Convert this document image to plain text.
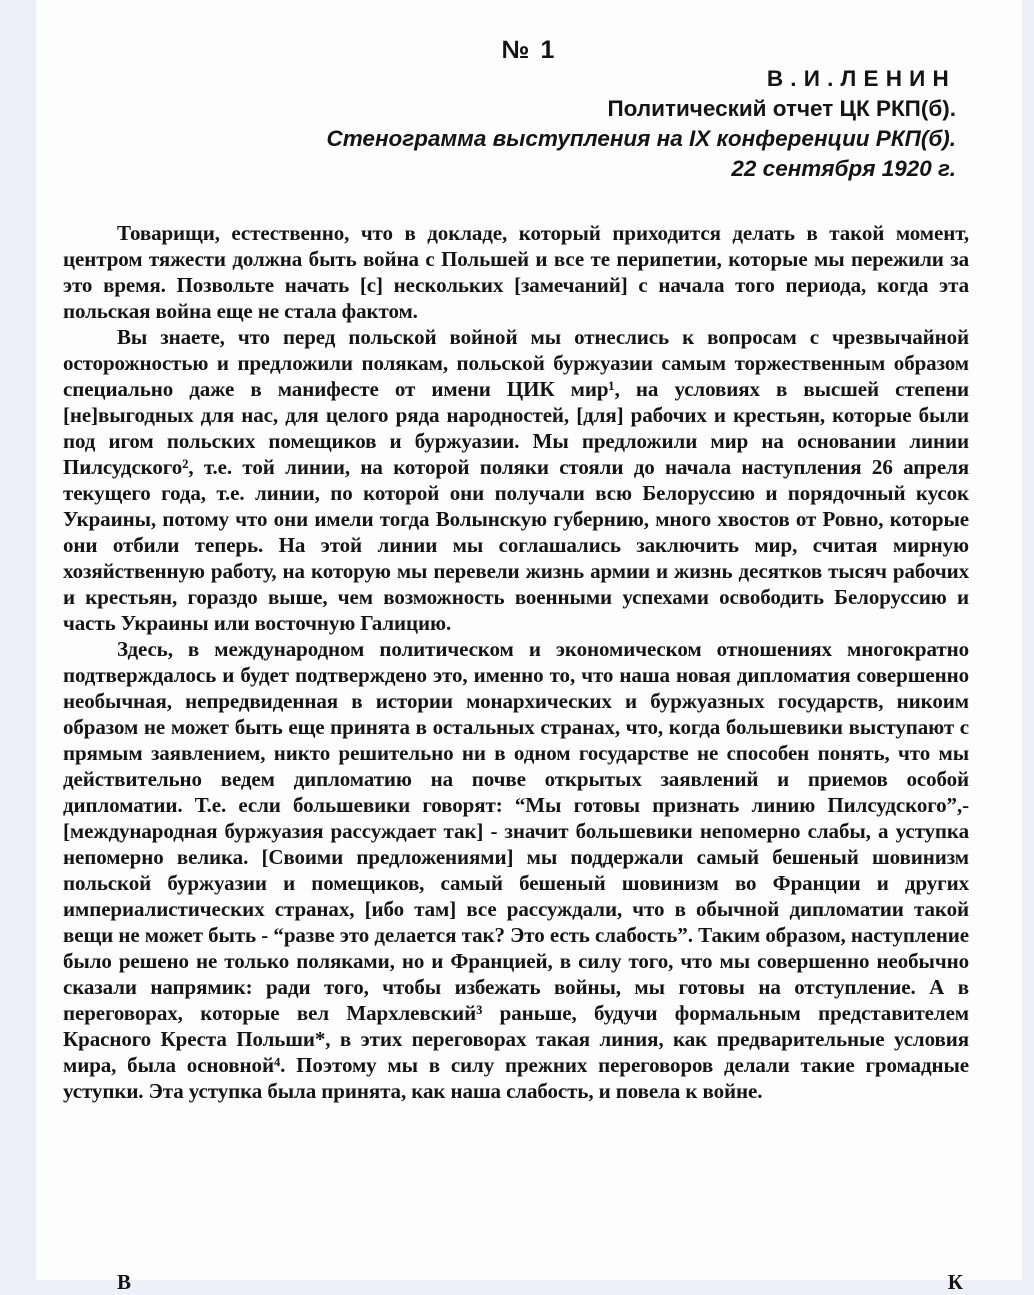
№ 1
В.И.ЛЕНИН
Политический отчет ЦК РКП(б).
Стенограмма выступления на IX конференции РКП(б).
22 сентября 1920 г.

Товарищи, естественно, что в докладе, который приходится делать в такой момент, центром тяжести должна быть война с Польшей и все те перипетии, которые мы пережили за это время. Позвольте начать [с] нескольких [замечаний] с начала того периода, когда эта польская война еще не стала фактом.

Вы знаете, что перед польской войной мы отнеслись к вопросам с чрезвычайной осторожностью и предложили полякам, польской буржуазии самым торжественным образом специально даже в манифесте от имени ЦИК мир¹, на условиях в высшей степени [не]выгодных для нас, для целого ряда народностей, [для] рабочих и крестьян, которые были под игом польских помещиков и буржуазии. Мы предложили мир на основании линии Пилсудского², т.е. той линии, на которой поляки стояли до начала наступления 26 апреля текущего года, т.е. линии, по которой они получали всю Белоруссию и порядочный кусок Украины, потому что они имели тогда Волынскую губернию, много хвостов от Ровно, которые они отбили теперь. На этой линии мы соглашались заключить мир, считая мирную хозяйственную работу, на которую мы перевели жизнь армии и жизнь десятков тысяч рабочих и крестьян, гораздо выше, чем возможность военными успехами освободить Белоруссию и часть Украины или восточную Галицию.

Здесь, в международном политическом и экономическом отношениях многократно подтверждалось и будет подтверждено это, именно то, что наша новая дипломатия совершенно необычная, непредвиденная в истории монархических и буржуазных государств, никоим образом не может быть еще принята в остальных странах, что, когда большевики выступают с прямым заявлением, никто решительно ни в одном государстве не способен понять, что мы действительно ведем дипломатию на почве открытых заявлений и приемов особой дипломатии. Т.е. если большевики говорят: “Мы готовы признать линию Пилсудского”,- [международная буржуазия рассуждает так] - значит большевики непомерно слабы, а уступка непомерно велика. [Своими предложениями] мы поддержали самый бешеный шовинизм польской буржуазии и помещиков, самый бешеный шовинизм во Франции и других империалистических странах, [ибо там] все рассуждали, что в обычной дипломатии такой вещи не может быть - “разве это делается так? Это есть слабость”. Таким образом, наступление было решено не только поляками, но и Францией, в силу того, что мы совершенно необычно сказали напрямик: ради того, чтобы избежать войны, мы готовы на отступление. А в переговорах, которые вел Мархлевский³ раньше, будучи формальным представителем Красного Креста Польши*, в этих переговорах такая линия, как предварительные условия мира, была основной⁴. Поэтому мы в силу прежних переговоров делали такие громадные уступки. Эта уступка была принята, как наша слабость, и повела к войне.

В	К
